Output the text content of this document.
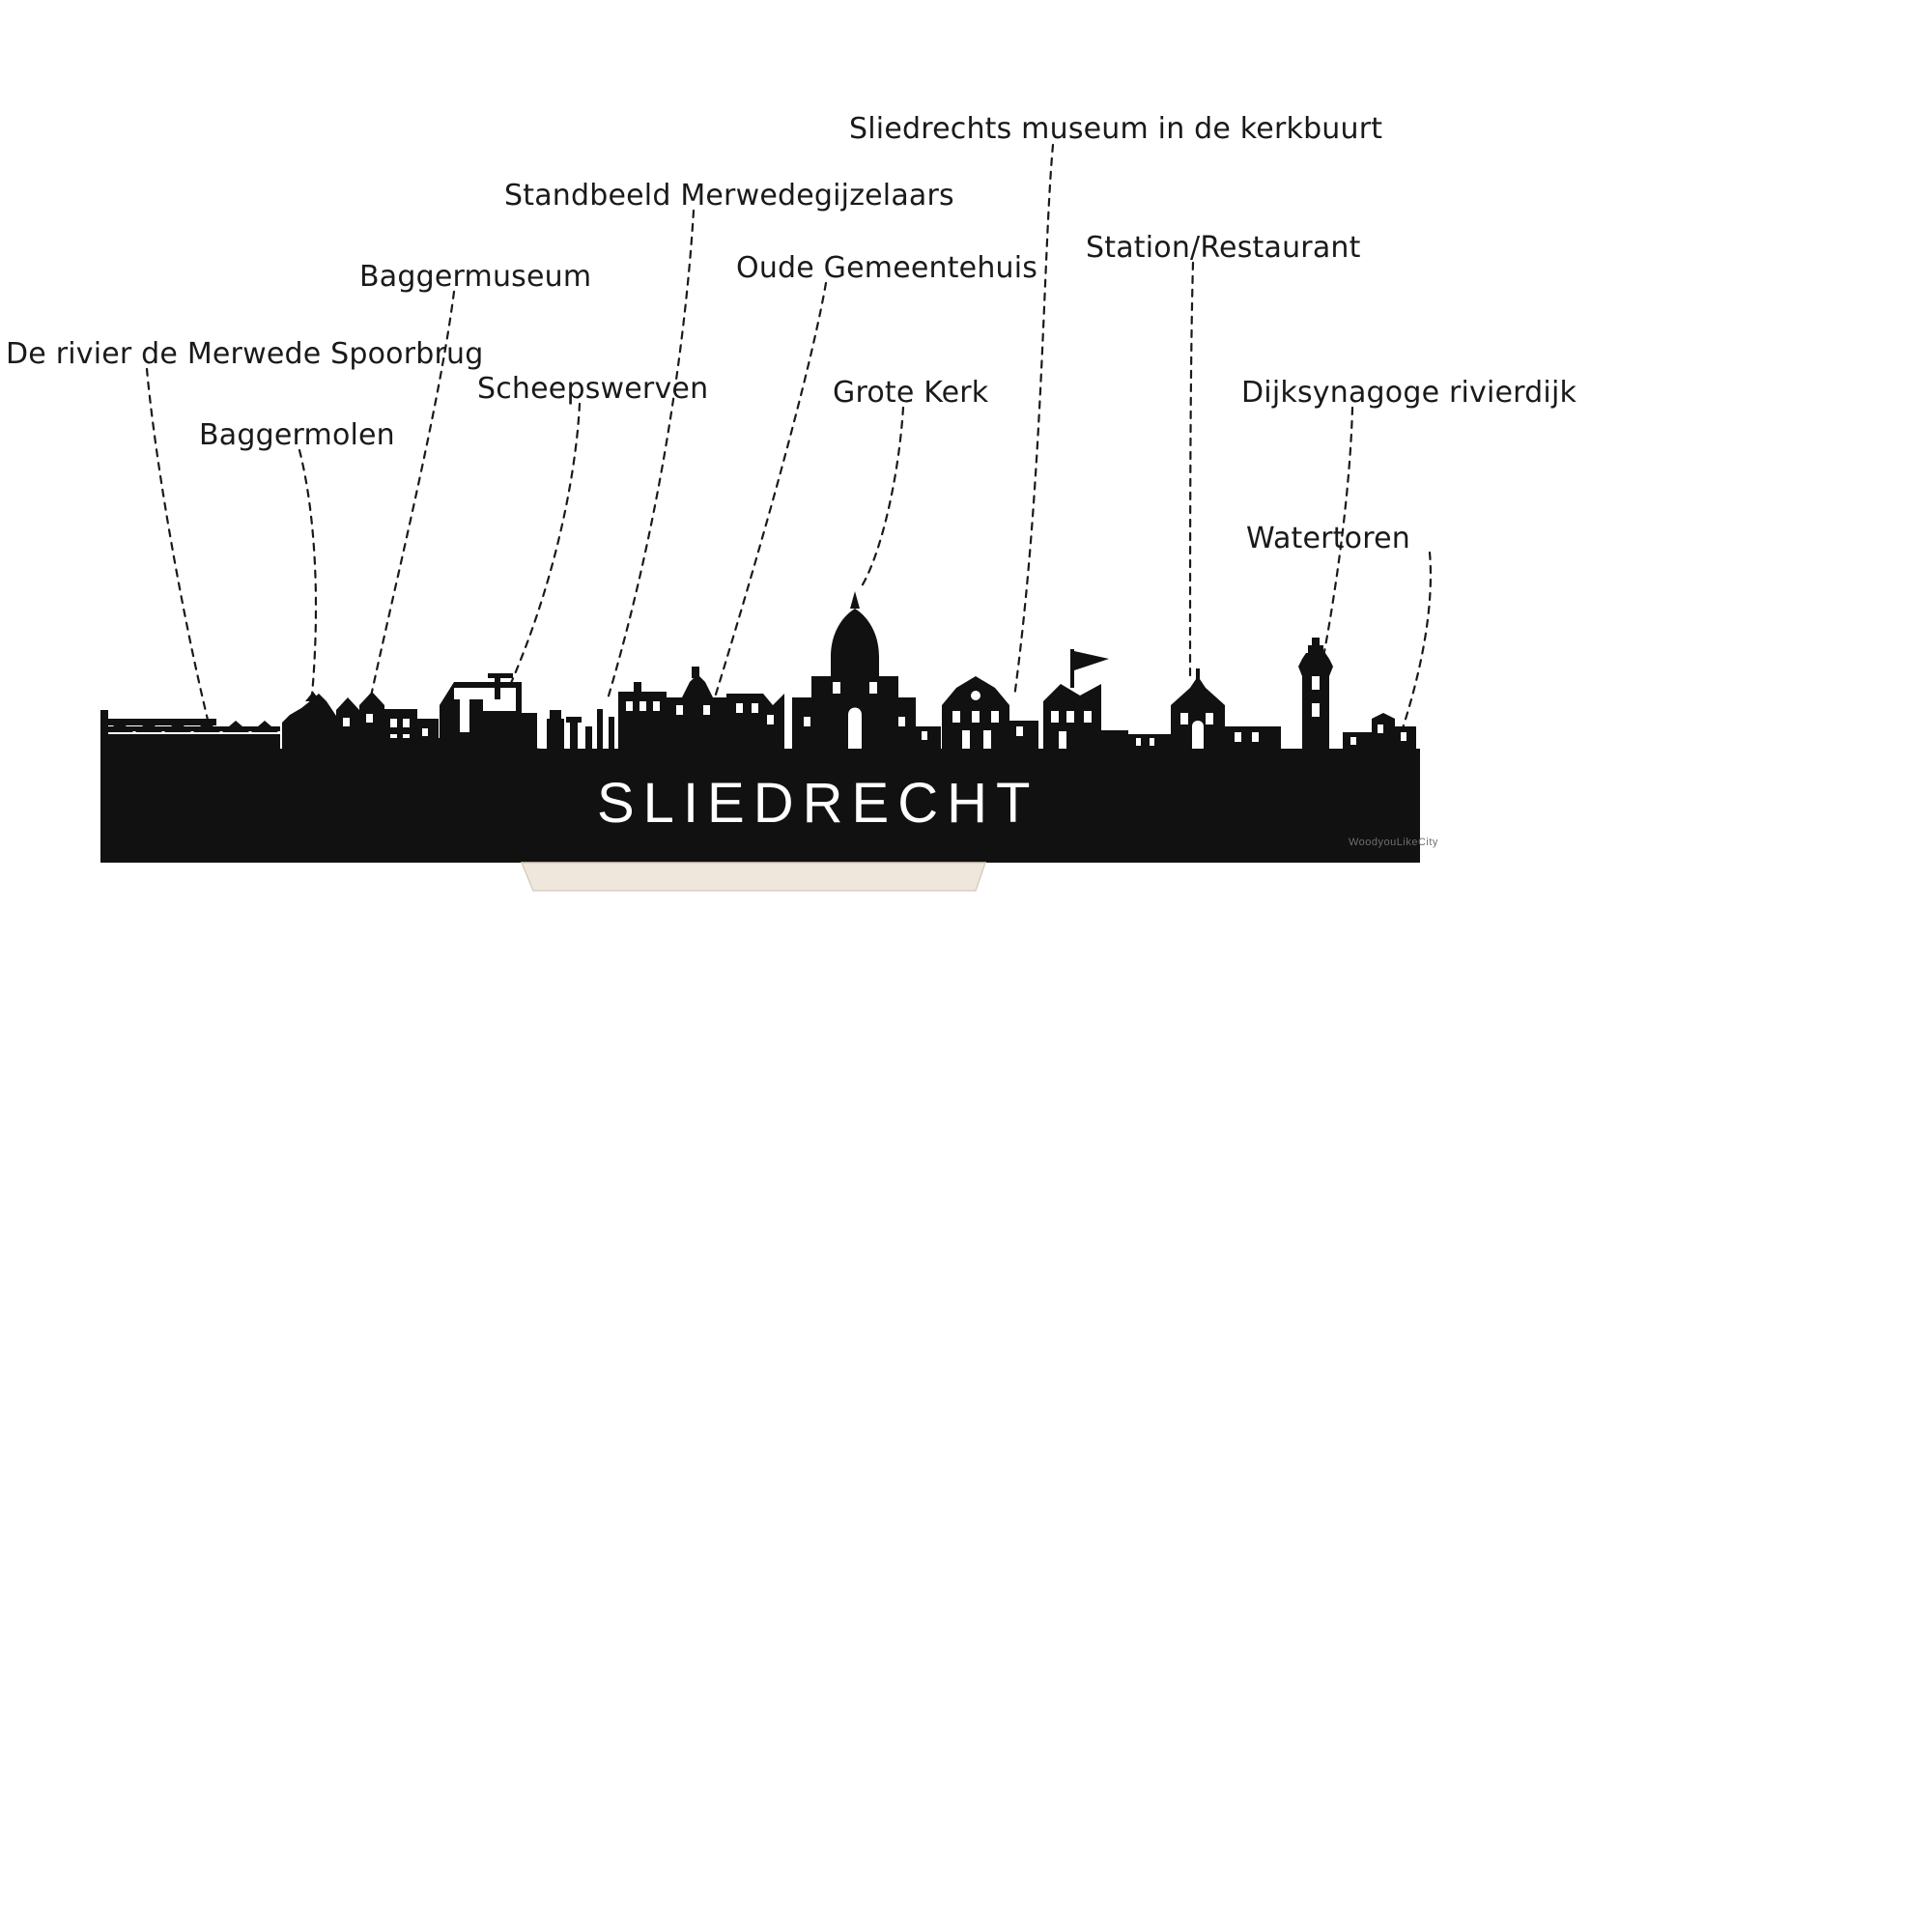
De rivier de Merwede Spoorbrug
Baggermolen
Baggermuseum
Scheepswerven
Standbeeld Merwedegijzelaars
Oude Gemeentehuis
Grote Kerk
Sliedrechts museum in de kerkbuurt
Station/Restaurant
Dijksynagoge rivierdijk
Watertoren
SLIEDRECHT
WoodyouLikeCity
